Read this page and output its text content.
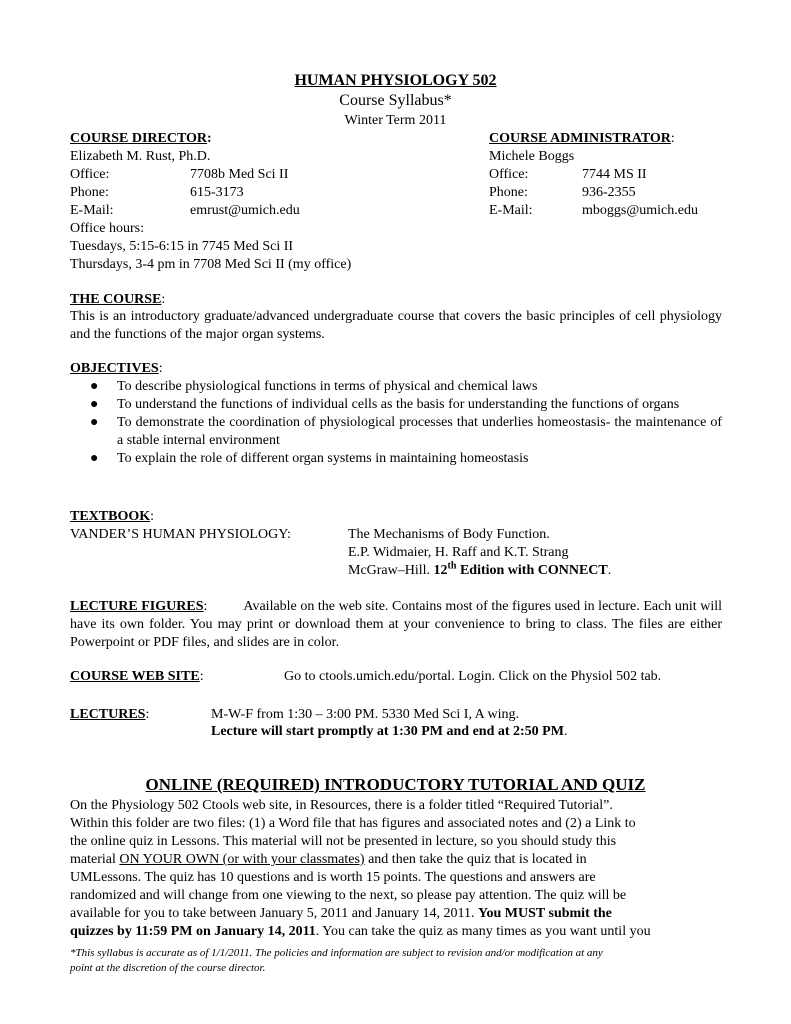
HUMAN PHYSIOLOGY 502
Course Syllabus*
Winter Term 2011
COURSE DIRECTOR:
Elizabeth M. Rust, Ph.D.
Office:	7708b Med Sci II
Phone:	615-3173
E-Mail:	emrust@umich.edu
Office hours:
Tuesdays, 5:15-6:15 in 7745 Med Sci II
Thursdays, 3-4 pm in 7708 Med Sci II (my office)
COURSE ADMINISTRATOR:
Michele Boggs
Office:	7744 MS II
Phone:	936-2355
E-Mail:	mboggs@umich.edu
THE COURSE:
This is an introductory graduate/advanced undergraduate course that covers the basic principles of cell physiology and the functions of the major organ systems.
OBJECTIVES:
● To describe physiological functions in terms of physical and chemical laws
● To understand the functions of individual cells as the basis for understanding the functions of organs
● To demonstrate the coordination of physiological processes that underlies homeostasis- the maintenance of a stable internal environment
● To explain the role of different organ systems in maintaining homeostasis
TEXTBOOK:
VANDER’S HUMAN PHYSIOLOGY:	The Mechanisms of Body Function.
E.P. Widmaier, H. Raff and K.T. Strang
McGraw–Hill. 12th Edition with CONNECT.
LECTURE FIGURES:	Available on the web site. Contains most of the figures used in lecture. Each unit will have its own folder. You may print or download them at your convenience to bring to class. The files are either Powerpoint or PDF files, and slides are in color.
COURSE WEB SITE:	Go to ctools.umich.edu/portal. Login. Click on the Physiol 502 tab.
LECTURES:	M-W-F from 1:30 – 3:00 PM. 5330 Med Sci I, A wing.
Lecture will start promptly at 1:30 PM and end at 2:50 PM.
ONLINE (REQUIRED) INTRODUCTORY TUTORIAL AND QUIZ
On the Physiology 502 Ctools web site, in Resources, there is a folder titled “Required Tutorial”.
Within this folder are two files: (1) a Word file that has figures and associated notes and (2) a Link to
the online quiz in Lessons. This material will not be presented in lecture, so you should study this
material ON YOUR OWN (or with your classmates) and then take the quiz that is located in
UMLessons. The quiz has 10 questions and is worth 15 points. The questions and answers are
randomized and will change from one viewing to the next, so please pay attention. The quiz will be
available for you to take between January 5, 2011 and January 14, 2011. You MUST submit the
quizzes by 11:59 PM on January 14, 2011. You can take the quiz as many times as you want until you
*This syllabus is accurate as of 1/1/2011. The policies and information are subject to revision and/or modification at any
point at the discretion of the course director.
